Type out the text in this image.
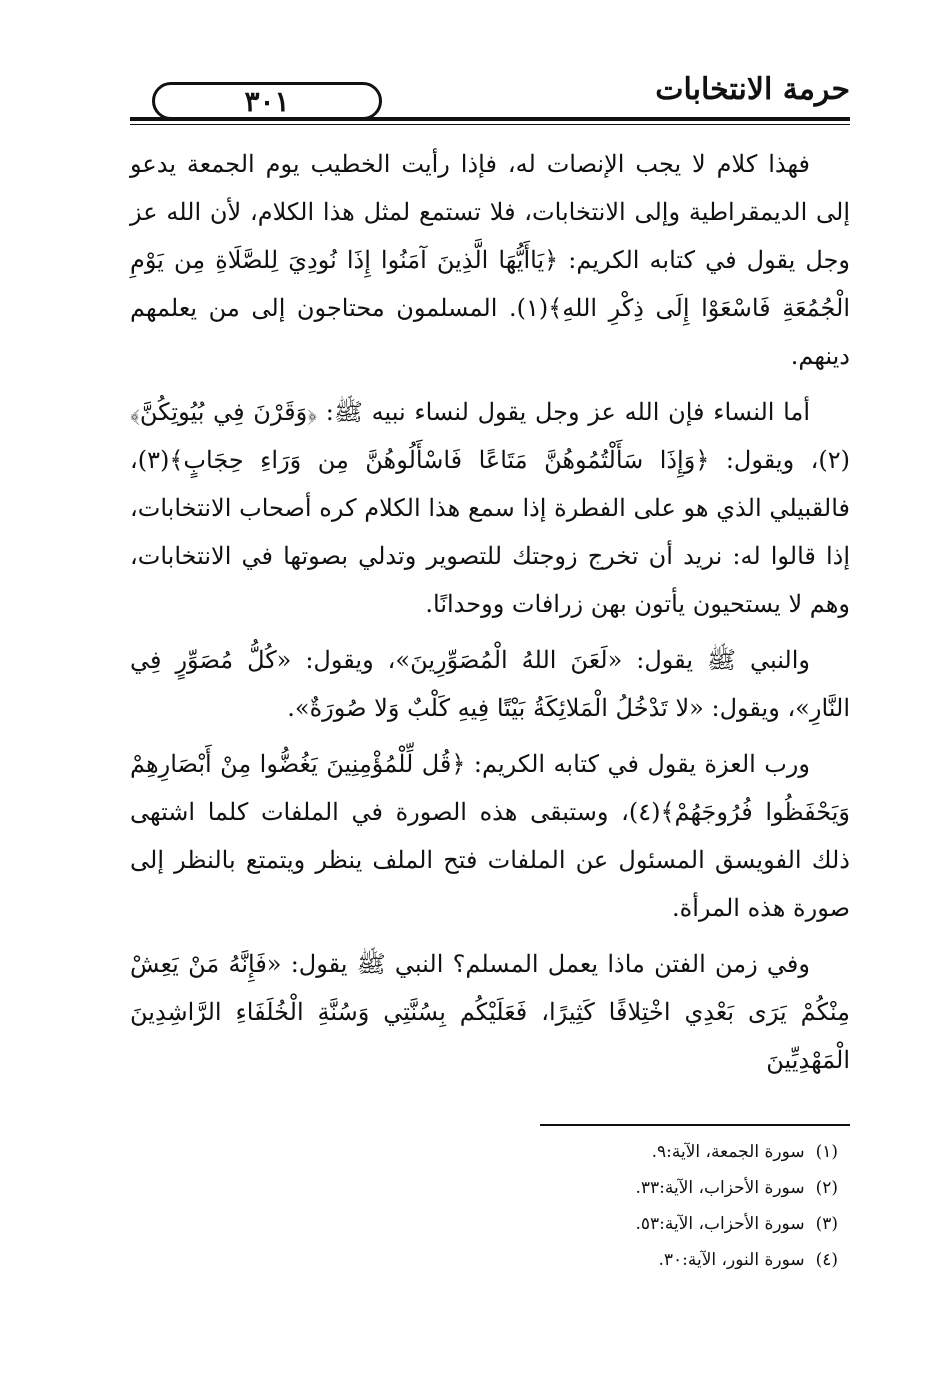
حرمة الانتخابات
٣٠١

فهذا كلام لا يجب الإنصات له، فإذا رأيت الخطيب يوم الجمعة يدعو إلى الديمقراطية وإلى الانتخابات، فلا تستمع لمثل هذا الكلام، لأن الله عز وجل يقول في كتابه الكريم: ﴿يَاأَيُّهَا الَّذِينَ آمَنُوا إِذَا نُودِيَ لِلصَّلَاةِ مِن يَوْمِ الْجُمُعَةِ فَاسْعَوْا إِلَى ذِكْرِ اللهِ﴾(١). المسلمون محتاجون إلى من يعلمهم دينهم.

أما النساء فإن الله عز وجل يقول لنساء نبيه ﷺ: ﴿وَقَرْنَ فِي بُيُوتِكُنَّ﴾(٢)، ويقول: ﴿وَإِذَا سَأَلْتُمُوهُنَّ مَتَاعًا فَاسْأَلُوهُنَّ مِن وَرَاءِ حِجَابٍ﴾(٣)، فالقبيلي الذي هو على الفطرة إذا سمع هذا الكلام كره أصحاب الانتخابات، إذا قالوا له: نريد أن تخرج زوجتك للتصوير وتدلي بصوتها في الانتخابات، وهم لا يستحيون يأتون بهن زرافات ووحدانًا.

والنبي ﷺ يقول: «لَعَنَ اللهُ الْمُصَوِّرِينَ»، ويقول: «كُلُّ مُصَوِّرٍ فِي النَّارِ»، ويقول: «لا تَدْخُلُ الْمَلائِكَةُ بَيْتًا فِيهِ كَلْبٌ وَلا صُورَةٌ».

ورب العزة يقول في كتابه الكريم: ﴿قُل لِّلْمُؤْمِنِينَ يَغُضُّوا مِنْ أَبْصَارِهِمْ وَيَحْفَظُوا فُرُوجَهُمْ﴾(٤)، وستبقى هذه الصورة في الملفات كلما اشتهى ذلك الفويسق المسئول عن الملفات فتح الملف ينظر ويتمتع بالنظر إلى صورة هذه المرأة.

وفي زمن الفتن ماذا يعمل المسلم؟ النبي ﷺ يقول: «فَإِنَّهُ مَنْ يَعِشْ مِنْكُمْ يَرَى بَعْدِي اخْتِلافًا كَثِيرًا، فَعَلَيْكُم بِسُنَّتِي وَسُنَّةِ الْخُلَفَاءِ الرَّاشِدِينَ الْمَهْدِيِّينَ

(١) سورة الجمعة، الآية:٩.
(٢) سورة الأحزاب، الآية:٣٣.
(٣) سورة الأحزاب، الآية:٥٣.
(٤) سورة النور، الآية:٣٠.
